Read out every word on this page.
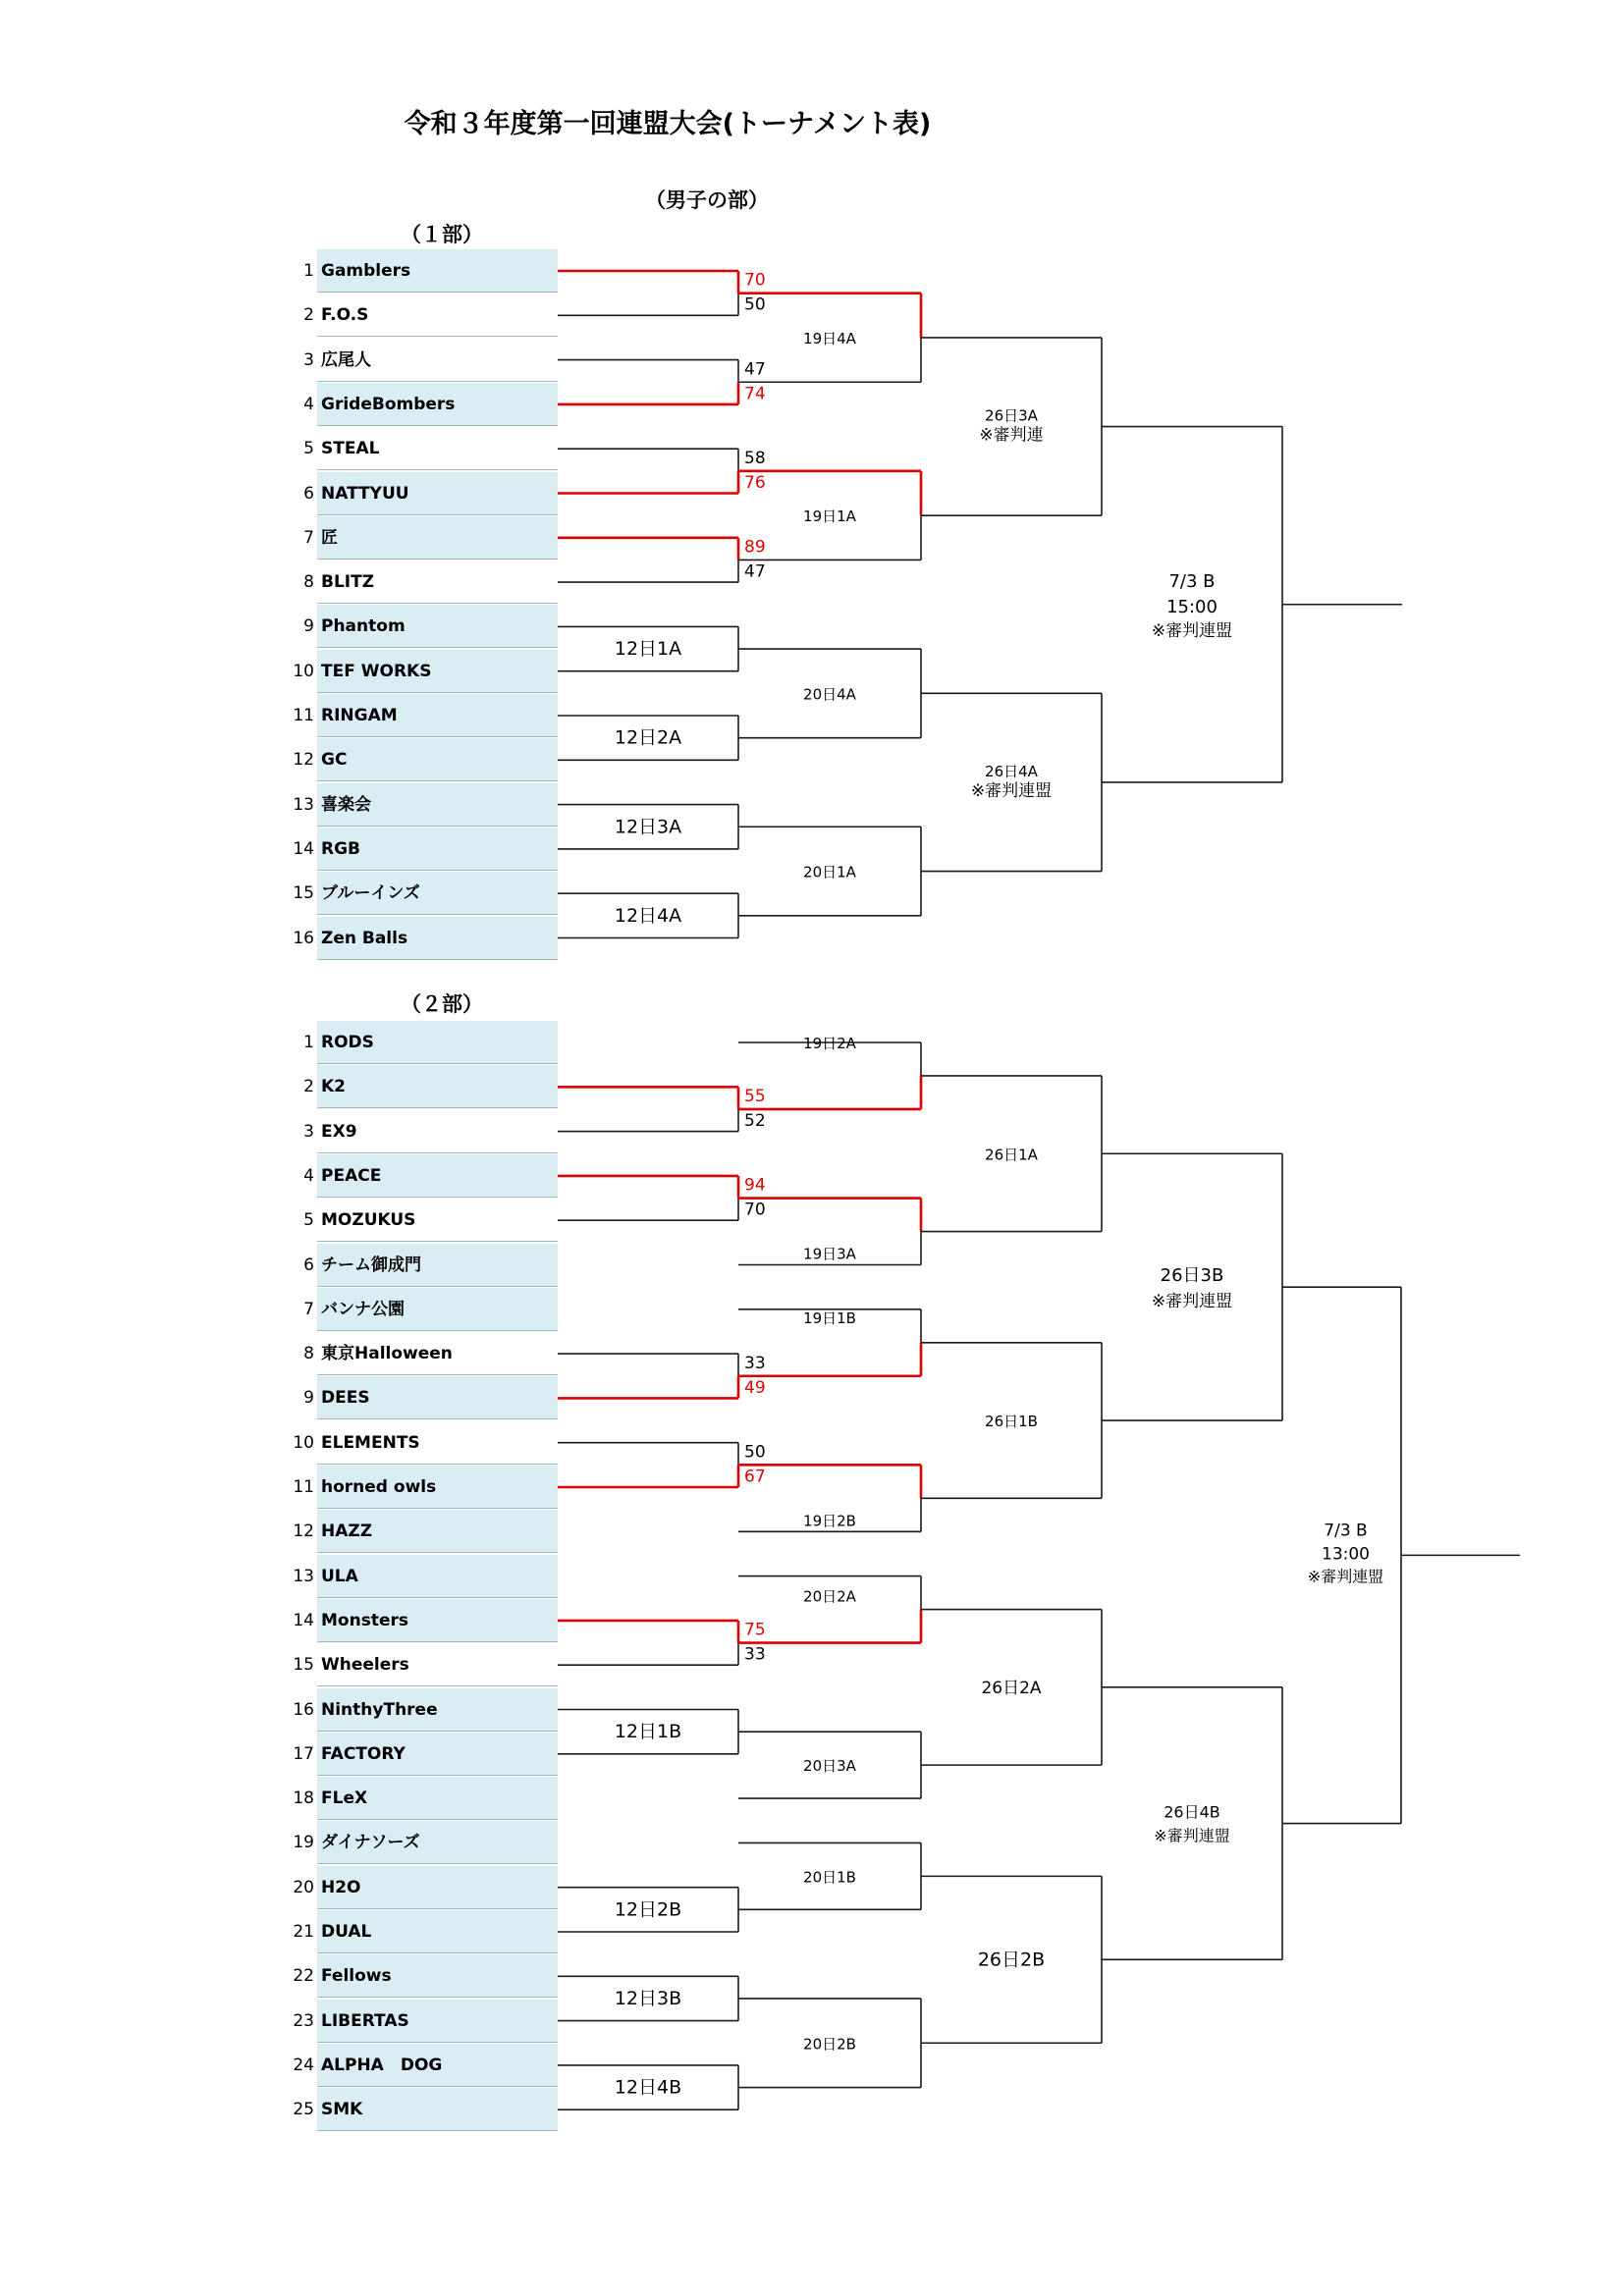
令和３年度第一回連盟大会(トーナメント表)
（男子の部）
（１部）
（２部）
1 Gamblers
2 F.O.S
3 広尾人
4 GrideBombers
5 STEAL
6 NATTYUU
7 匠
8 BLITZ
9 Phantom
10 TEF WORKS
11 RINGAM
12 GC
13 喜楽会
14 RGB
15 ブルーインズ
16 Zen Balls
1 RODS
2 K2
3 EX9
4 PEACE
5 MOZUKUS
6 チーム御成門
7 バンナ公園
8 東京Halloween
9 DEES
10 ELEMENTS
11 horned owls
12 HAZZ
13 ULA
14 Monsters
15 Wheelers
16 NinthyThree
17 FACTORY
18 FLeX
19 ダイナソーズ
20 H2O
21 DUAL
22 Fellows
23 LIBERTAS
24 ALPHA　DOG
25 SMK
70
50
47
74
58
76
89
47
12日1A
12日2A
12日3A
12日4A
19日4A
19日1A
20日4A
20日1A
26日3A
※審判連
26日4A
※審判連盟
7/3 B
15:00
※審判連盟
55
52
19日2A
94
70
19日3A
33
49
19日1B
50
67
19日2B
75
33
20日2A
12日1B
20日3A
12日2B
20日1B
12日3B
12日4B
20日2B
26日1A
26日1B
26日2A
26日2B
26日3B
※審判連盟
26日4B
※審判連盟
7/3 B
13:00
※審判連盟
